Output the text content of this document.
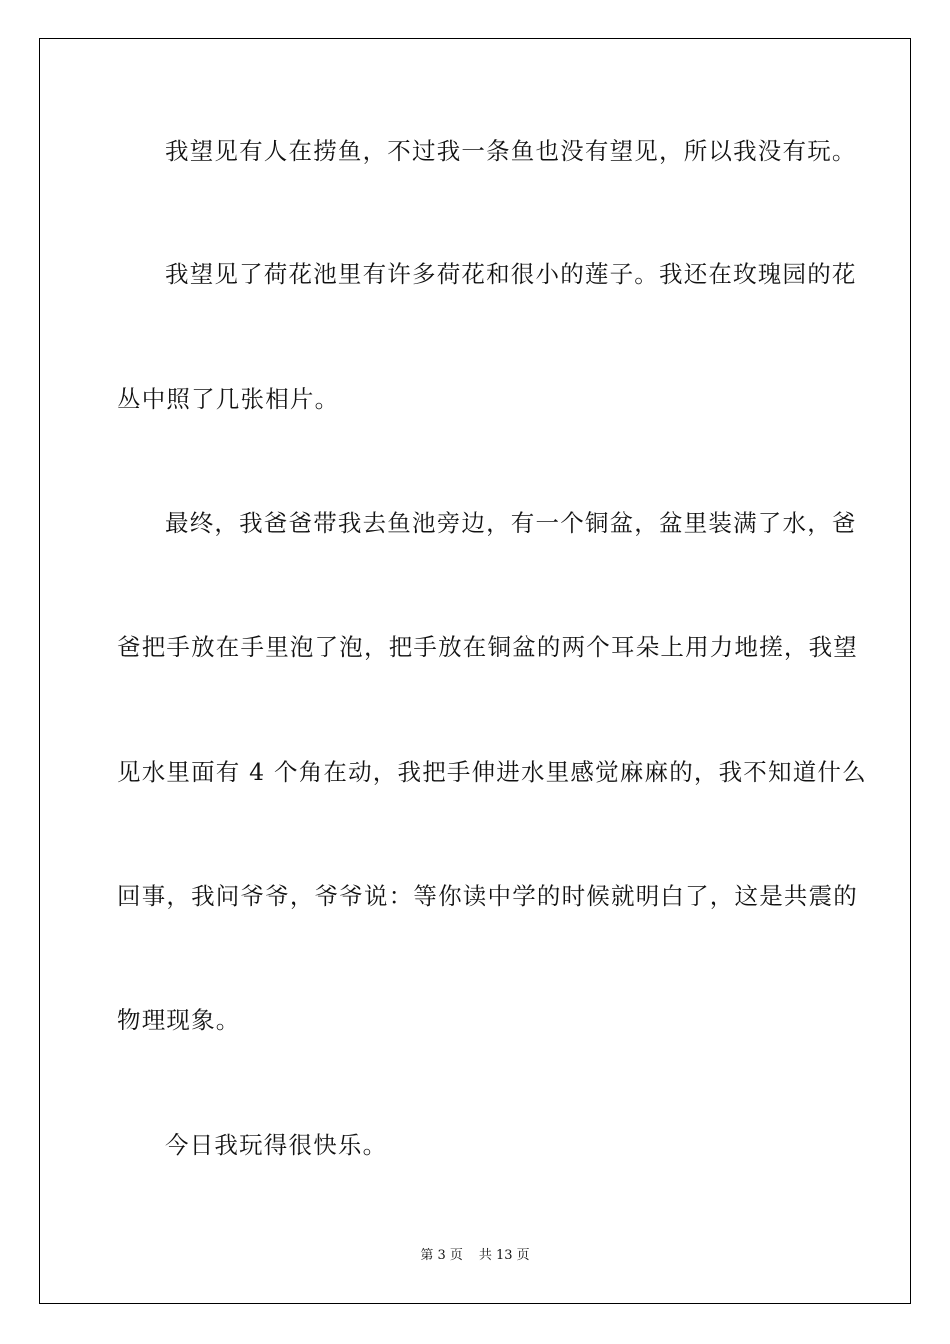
我望见有人在捞鱼，不过我一条鱼也没有望见，所以我没有玩。
我望见了荷花池里有许多荷花和很小的莲子。我还在玫瑰园的花
丛中照了几张相片。
最终，我爸爸带我去鱼池旁边，有一个铜盆，盆里装满了水，爸
爸把手放在手里泡了泡，把手放在铜盆的两个耳朵上用力地搓，我望
见水里面有 4 个角在动，我把手伸进水里感觉麻麻的，我不知道什么
回事，我问爷爷，爷爷说：等你读中学的时候就明白了，这是共震的
物理现象。
今日我玩得很快乐。
第 3 页 共 13 页
